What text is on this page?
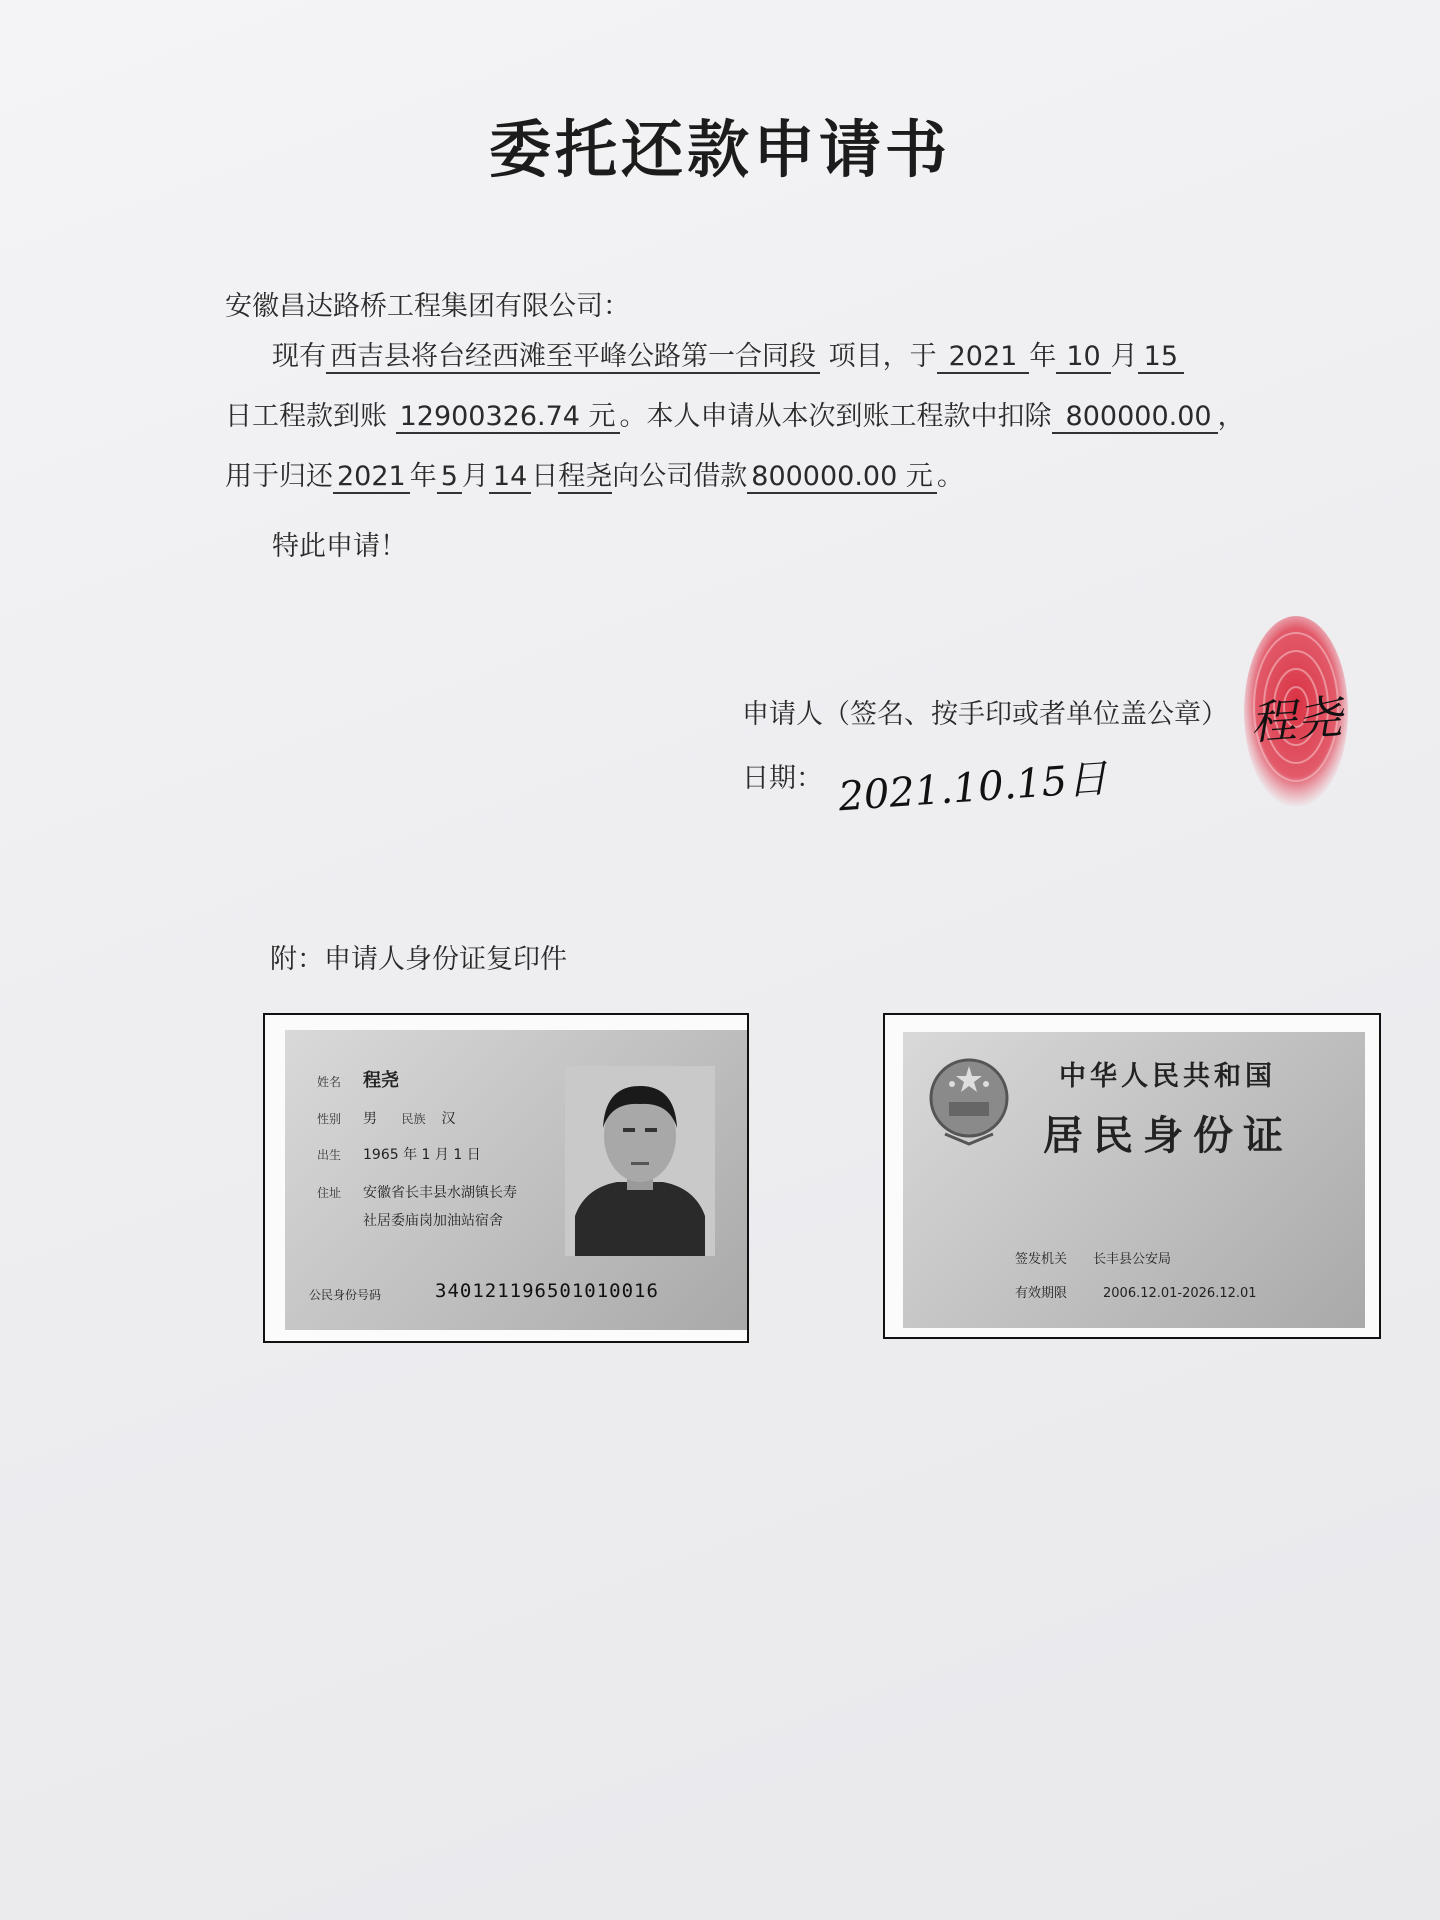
委托还款申请书
安徽昌达路桥工程集团有限公司：
现有 西吉县将台经西滩至平峰公路第一合同段 项目，于 2021 年 10 月 15
日工程款到账 12900326.74 元 。本人申请从本次到账工程款中扣除 800000.00 ，
用于归还 2021 年 5 月 14 日程尧向公司借款 800000.00 元 。
特此申请！
申请人（签名、按手印或者单位盖公章） 程尧
日期： 2021.10.15日
附：申请人身份证复印件
姓名 程尧
性别 男 民族 汉
出生 1965 年 1 月 1 日
住址 安徽省长丰县水湖镇长寿
社居委庙岗加油站宿舍
公民身份号码	340121196501010016
中华人民共和国
居民身份证
签发机关 长丰县公安局
有效期限	2006.12.01-2026.12.01
